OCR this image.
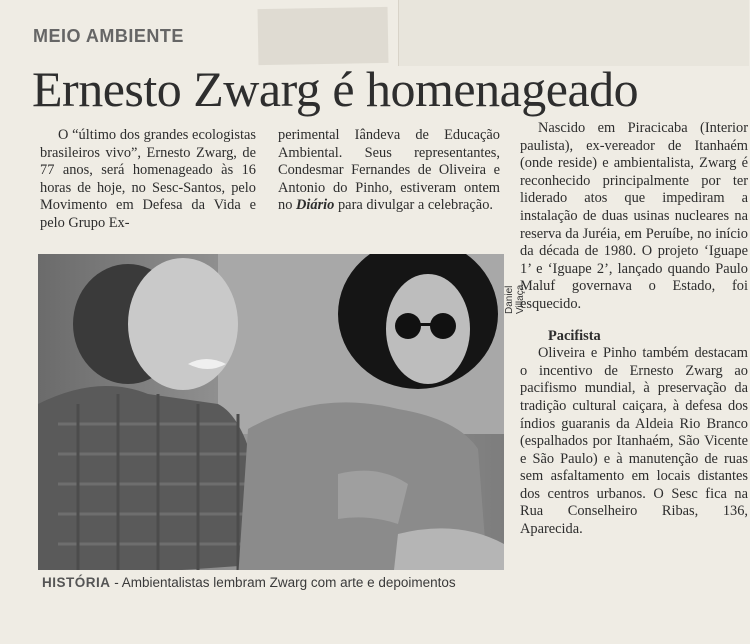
MEIO AMBIENTE
Ernesto Zwarg é homenageado
O “último dos grandes ecologistas brasileiros vivo”, Ernesto Zwarg, de 77 anos, será homenageado às 16 horas de hoje, no Sesc-Santos, pelo Movimento em Defesa da Vida e pelo Grupo Ex-
perimental Iândeva de Educação Ambiental. Seus representantes, Condesmar Fernandes de Oliveira e Antonio do Pinho, estiveram ontem no Diário para divulgar a celebração.

Nascido em Piracicaba (Interior paulista), ex-vereador de Itanhaém (onde reside) e ambientalista, Zwarg é reconhecido principalmente por ter liderado atos que impediram a instalação de duas usinas nucleares na reserva da Juréia, em Peruíbe, no início da década de 1980. O projeto ‘Iguape 1’ e ‘Iguape 2’, lançado quando Paulo Maluf governava o Estado, foi esquecido.

Pacifista

Oliveira e Pinho também destacam o incentivo de Ernesto Zwarg ao pacifismo mundial, à preservação da tradição cultural caiçara, à defesa dos índios guaranis da Aldeia Rio Branco (espalhados por Itanhaém, São Vicente e São Paulo) e à manutenção de ruas sem asfaltamento em locais distantes dos centros urbanos. O Sesc fica na Rua Conselheiro Ribas, 136, Aparecida.

Daniel Villaça
HISTÓRIA - Ambientalistas lembram Zwarg com arte e depoimentos
